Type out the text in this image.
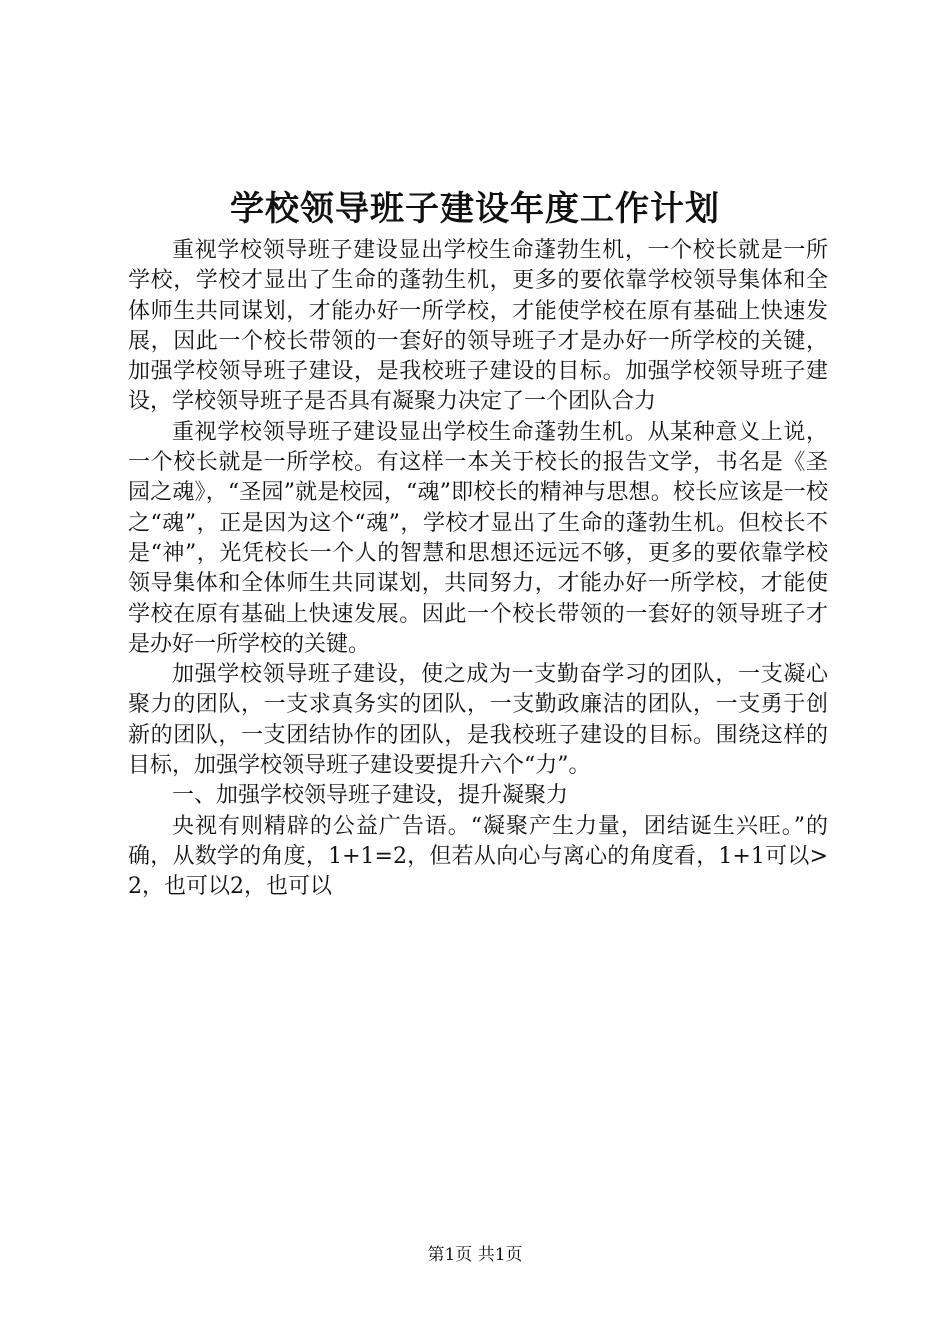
学校领导班子建设年度工作计划

重视学校领导班子建设显出学校生命蓬勃生机，一个校长就是一所学校，学校才显出了生命的蓬勃生机，更多的要依靠学校领导集体和全体师生共同谋划，才能办好一所学校，才能使学校在原有基础上快速发展，因此一个校长带领的一套好的领导班子才是办好一所学校的关键，加强学校领导班子建设，是我校班子建设的目标。加强学校领导班子建设，学校领导班子是否具有凝聚力决定了一个团队合力

重视学校领导班子建设显出学校生命蓬勃生机。从某种意义上说，一个校长就是一所学校。有这样一本关于校长的报告文学，书名是《圣园之魂》，“圣园”就是校园，“魂”即校长的精神与思想。校长应该是一校之“魂”，正是因为这个“魂”，学校才显出了生命的蓬勃生机。但校长不是“神”，光凭校长一个人的智慧和思想还远远不够，更多的要依靠学校领导集体和全体师生共同谋划，共同努力，才能办好一所学校，才能使学校在原有基础上快速发展。因此一个校长带领的一套好的领导班子才是办好一所学校的关键。

加强学校领导班子建设，使之成为一支勤奋学习的团队，一支凝心聚力的团队，一支求真务实的团队，一支勤政廉洁的团队，一支勇于创新的团队，一支团结协作的团队，是我校班子建设的目标。围绕这样的目标，加强学校领导班子建设要提升六个“力”。

一、加强学校领导班子建设，提升凝聚力

央视有则精辟的公益广告语。“凝聚产生力量，团结诞生兴旺。”的确，从数学的角度，1+1=2，但若从向心与离心的角度看，1+1可以>2，也可以2，也可以

第1页 共1页
